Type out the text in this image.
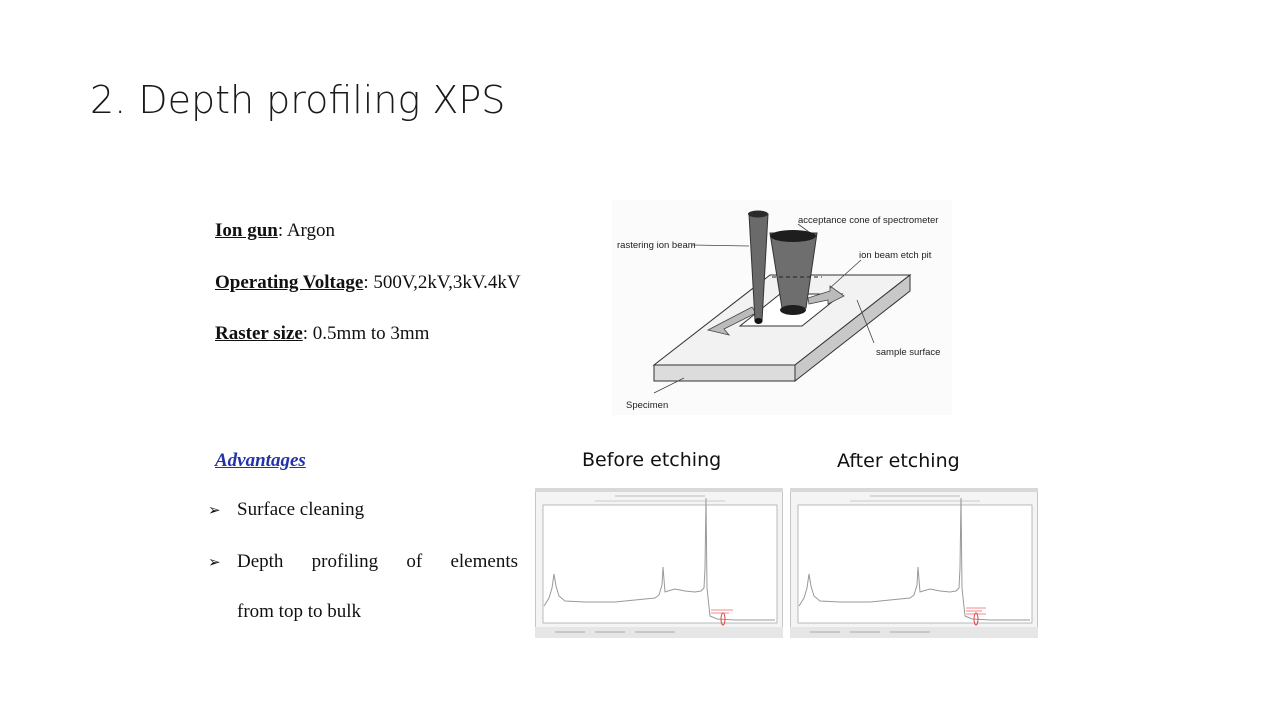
2. Depth profiling XPS
Ion gun: Argon
Operating Voltage: 500V,2kV,3kV.4kV
Raster size: 0.5mm to 3mm
acceptance cone of spectrometer
rastering ion beam
ion beam etch pit
sample surface
Specimen
Advantages
➢ Surface cleaning
➢ Depth profiling of elements
from top to bulk
Before etching	After etching
